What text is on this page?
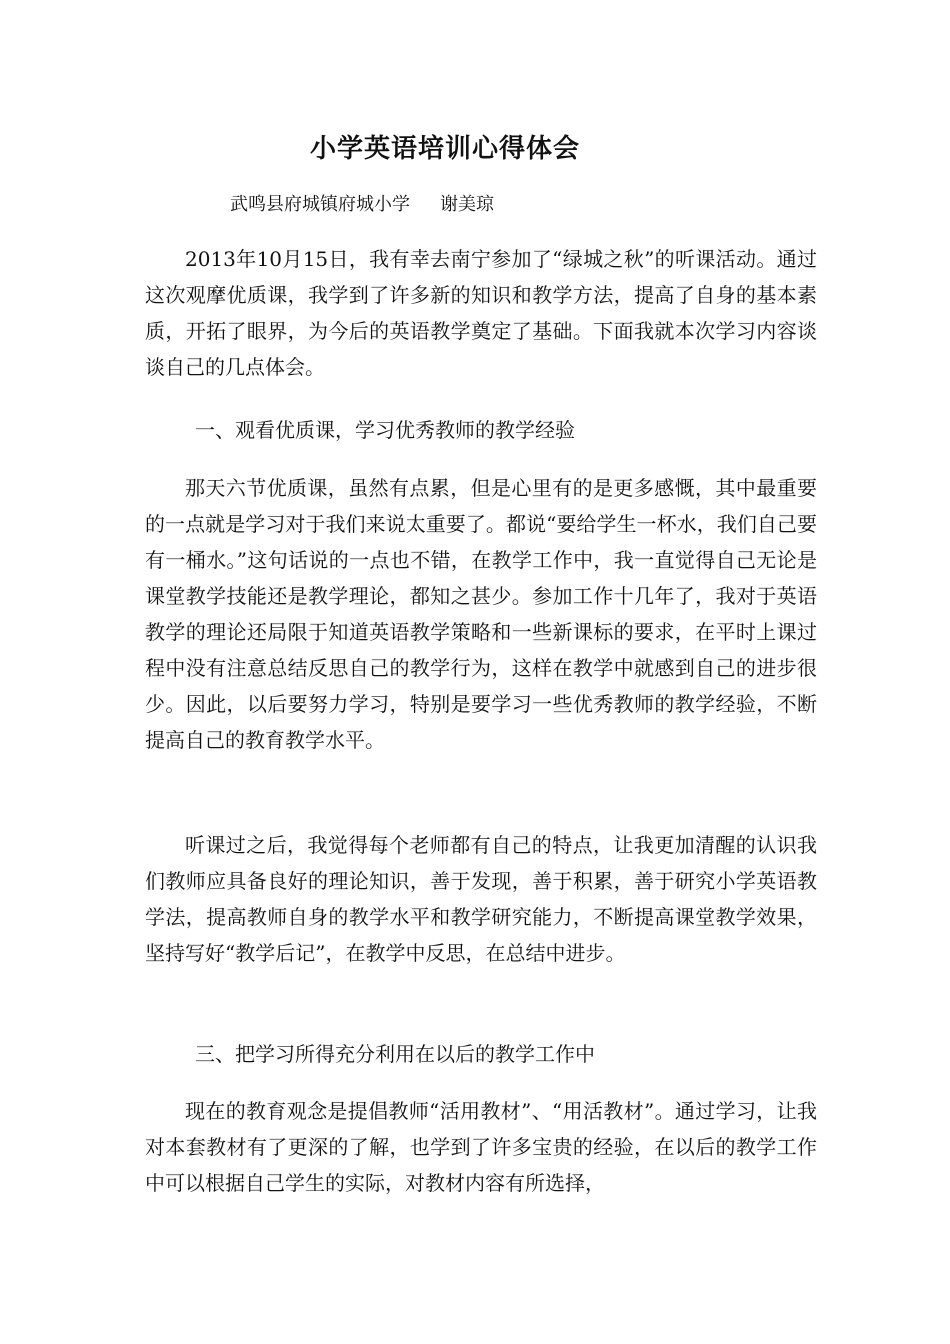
小学英语培训心得体会

武鸣县府城镇府城小学 谢美琼

2013年10月15日，我有幸去南宁参加了“绿城之秋”的听课活动。通过这次观摩优质课，我学到了许多新的知识和教学方法，提高了自身的基本素质，开拓了眼界，为今后的英语教学奠定了基础。下面我就本次学习内容谈谈自己的几点体会。

一、观看优质课，学习优秀教师的教学经验

那天六节优质课，虽然有点累，但是心里有的是更多感慨，其中最重要的一点就是学习对于我们来说太重要了。都说“要给学生一杯水，我们自己要有一桶水。”这句话说的一点也不错，在教学工作中，我一直觉得自己无论是课堂教学技能还是教学理论，都知之甚少。参加工作十几年了，我对于英语教学的理论还局限于知道英语教学策略和一些新课标的要求，在平时上课过程中没有注意总结反思自己的教学行为，这样在教学中就感到自己的进步很少。因此，以后要努力学习，特别是要学习一些优秀教师的教学经验，不断提高自己的教育教学水平。

听课过之后，我觉得每个老师都有自己的特点，让我更加清醒的认识我们教师应具备良好的理论知识，善于发现，善于积累，善于研究小学英语教学法，提高教师自身的教学水平和教学研究能力，不断提高课堂教学效果，坚持写好“教学后记”，在教学中反思，在总结中进步。

三、把学习所得充分利用在以后的教学工作中

现在的教育观念是提倡教师“活用教材”、“用活教材”。通过学习，让我对本套教材有了更深的了解，也学到了许多宝贵的经验，在以后的教学工作中可以根据自己学生的实际，对教材内容有所选择，
